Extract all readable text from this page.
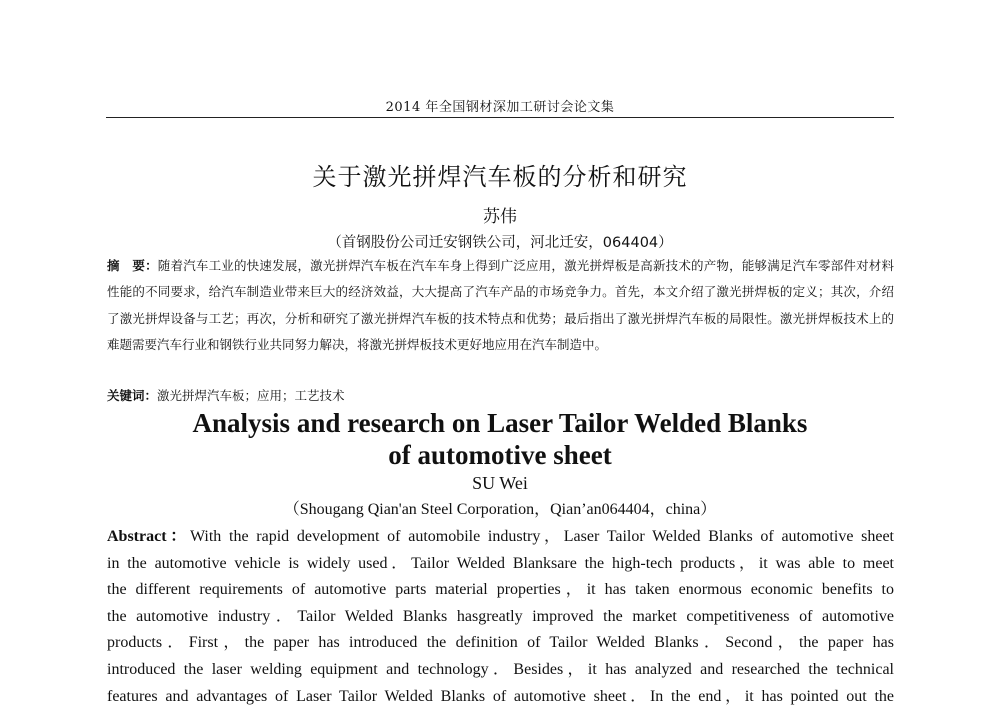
2014 年全国钢材深加工研讨会论文集
关于激光拼焊汽车板的分析和研究
苏伟
（首钢股份公司迁安钢铁公司，河北迁安，064404）
摘　要：随着汽车工业的快速发展，激光拼焊汽车板在汽车车身上得到广泛应用，激光拼焊板是高新技术的产物，能够满足汽车零部件对材料性能的不同要求，给汽车制造业带来巨大的经济效益，大大提高了汽车产品的市场竞争力。首先，本文介绍了激光拼焊板的定义；其次，介绍了激光拼焊设备与工艺；再次，分析和研究了激光拼焊汽车板的技术特点和优势；最后指出了激光拼焊汽车板的局限性。激光拼焊板技术上的难题需要汽车行业和钢铁行业共同努力解决，将激光拼焊板技术更好地应用在汽车制造中。
关键词：激光拼焊汽车板；应用；工艺技术
Analysis and research on Laser Tailor Welded Blanks
of automotive sheet
SU Wei
（Shougang Qian'an Steel Corporation，Qian’an064404，china）
Abstract：With the rapid development of automobile industry，Laser Tailor Welded Blanks of automotive sheet
in the automotive vehicle is widely used．Tailor Welded Blanksare the high-tech products，it was able to meet
the different requirements of automotive parts material properties，it has taken enormous economic benefits to
the automotive industry．Tailor Welded Blanks hasgreatly improved the market competitiveness of automotive
products．First，the paper has introduced the definition of Tailor Welded Blanks．Second，the paper has
introduced the laser welding equipment and technology．Besides，it has analyzed and researched the technical
features and advantages of Laser Tailor Welded Blanks of automotive sheet．In the end，it has pointed out the
